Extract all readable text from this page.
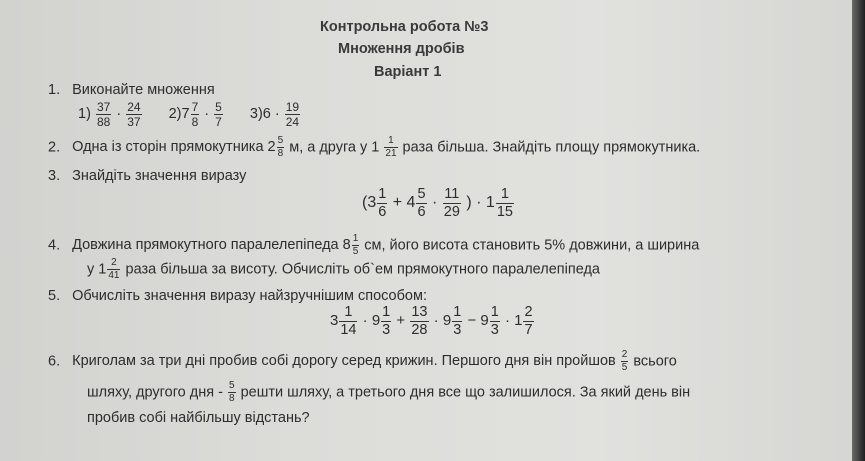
Контрольна робота №3
Множення дробів
Варіант 1
1. Виконайте множення
$1) \frac{37}{88} \cdot \frac{24}{37} 2)7 \frac{7}{8} \cdot \frac{5}{7} 3)6 \cdot \frac{19}{24}$
2. Одна із сторін прямокутника $2 \frac{5}{8} м$, а друга у $1 \frac{1}{21}$ раза більша. Знайдіть площу прямокутника.
3. Знайдіть значення виразу
($3 \frac{1}{6} + 4 \frac{5}{6} \cdot \frac{11}{29}$ ) · $1 \frac{1}{15}$
4. Довжина прямокутного паралелепіпеда $8 \frac{1}{5}$ см, його висота становить 5% довжини, а ширина
у $1 \frac{2}{41}$ раза більша за висоту. Обчисліть об`ем прямокутного паралелепіпеда
5. Обчисліть значення виразу найзручнішим способом:
$3 \frac{1}{14} \cdot 9 \frac{1}{3} + \frac{13}{28} \cdot 9 \frac{1}{3} - 9 \frac{1}{3} \cdot 1 \frac{2}{7}$
6. Криголам за три дні пробив собі дорогу серед крижин. Першого дня він пройшов $\frac{2}{5}$ всього
шляху, другого дня - $\frac{5}{8}$ решти шляху, а третього дня все що залишилося. За який день він
пробив собі найбільшу відстань?
